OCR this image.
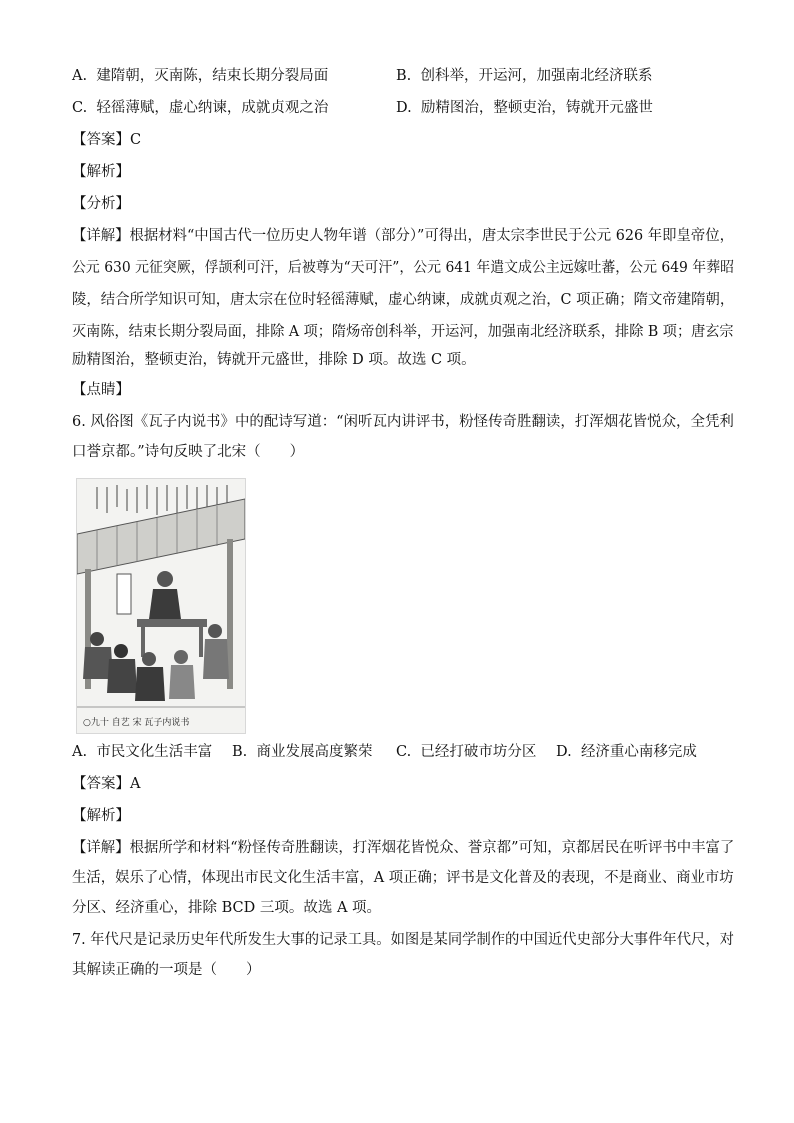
A. 建隋朝，灭南陈，结束长期分裂局面	B. 创科举，开运河，加强南北经济联系
C. 轻徭薄赋，虚心纳谏，成就贞观之治	D. 励精图治，整顿吏治，铸就开元盛世
【答案】C
【解析】
【分析】
【详解】根据材料“中国古代一位历史人物年谱（部分）”可得出，唐太宗李世民于公元 626 年即皇帝位，
公元 630 元征突厥，俘颉利可汗，后被尊为“天可汗”，公元 641 年遣文成公主远嫁吐蕃，公元 649 年葬昭
陵，结合所学知识可知，唐太宗在位时轻徭薄赋，虚心纳谏，成就贞观之治，C 项正确；隋文帝建隋朝，
灭南陈，结束长期分裂局面，排除 A 项；隋炀帝创科举，开运河，加强南北经济联系，排除 B 项；唐玄宗
励精图治，整顿吏治，铸就开元盛世，排除 D 项。故选 C 项。
【点睛】
6. 风俗图《瓦子内说书》中的配诗写道：“闲听瓦内讲评书，粉怪传奇胜翻读，打浑烟花皆悦众，全凭利
口誉京都。”诗句反映了北宋（　　）
○九十 自艺 宋 瓦子内说书
A. 市民文化生活丰富 B. 商业发展高度繁荣 C. 已经打破市坊分区 D. 经济重心南移完成
【答案】A
【解析】
【详解】根据所学和材料“粉怪传奇胜翻读，打浑烟花皆悦众、誉京都”可知，京都居民在听评书中丰富了
生活，娱乐了心情，体现出市民文化生活丰富，A 项正确；评书是文化普及的表现，不是商业、商业市坊
分区、经济重心，排除 BCD 三项。故选 A 项。
7. 年代尺是记录历史年代所发生大事的记录工具。如图是某同学制作的中国近代史部分大事件年代尺，对
其解读正确的一项是（　　）
